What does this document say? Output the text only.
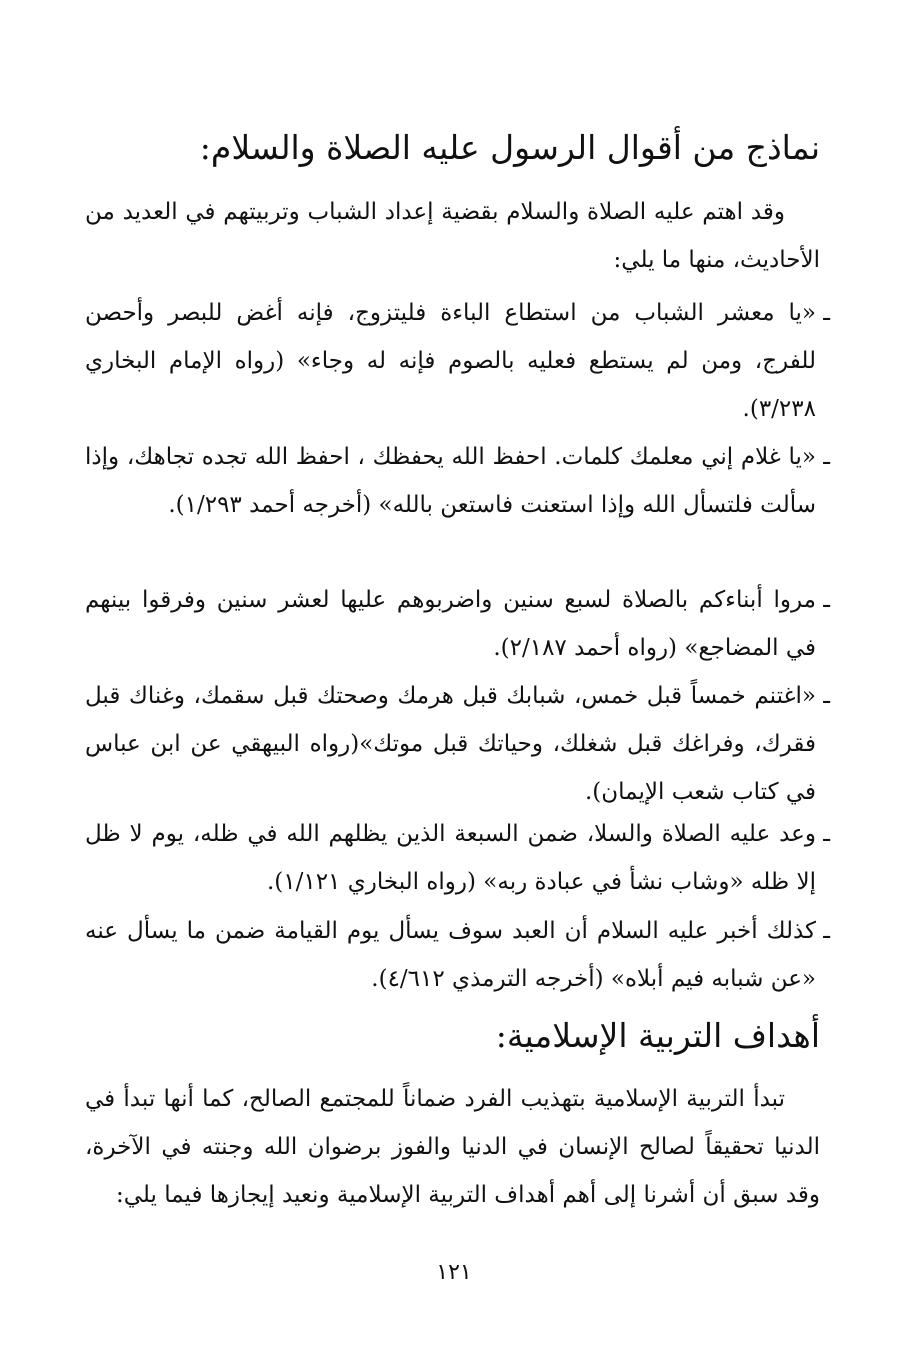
نماذج من أقوال الرسول عليه الصلاة والسلام:
وقد اهتم عليه الصلاة والسلام بقضية إعداد الشباب وتربيتهم في العديد من الأحاديث، منها ما يلي:
ـ
«يا معشر الشباب من استطاع الباءة فليتزوج، فإنه أغض للبصر وأحصن للفرج، ومن لم يستطع فعليه بالصوم فإنه له وجاء» (رواه الإمام البخاري ٣/٢٣٨).
ـ
«يا غلام إني معلمك كلمات. احفظ الله يحفظك ، احفظ الله تجده تجاهك، وإذا سألت فلتسأل الله وإذا استعنت فاستعن بالله» (أخرجه أحمد ١/٢٩٣).
ـ
مروا أبناءكم بالصلاة لسبع سنين واضربوهم عليها لعشر سنين وفرقوا بينهم في المضاجع» (رواه أحمد ٢/١٨٧).
ـ
«اغتنم خمساً قبل خمس، شبابك قبل هرمك وصحتك قبل سقمك، وغناك قبل فقرك، وفراغك قبل شغلك، وحياتك قبل موتك»(رواه البيهقي عن ابن عباس في كتاب شعب الإيمان).
ـ
وعد عليه الصلاة والسلا، ضمن السبعة الذين يظلهم الله في ظله، يوم لا ظل إلا ظله «وشاب نشأ في عبادة ربه» (رواه البخاري ١/١٢١).
ـ
كذلك أخبر عليه السلام أن العبد سوف يسأل يوم القيامة ضمن ما يسأل عنه «عن شبابه فيم أبلاه» (أخرجه الترمذي ٤/٦١٢).
أهداف التربية الإسلامية:
تبدأ التربية الإسلامية بتهذيب الفرد ضماناً للمجتمع الصالح، كما أنها تبدأ في الدنيا تحقيقاً لصالح الإنسان في الدنيا والفوز برضوان الله وجنته في الآخرة، وقد سبق أن أشرنا إلى أهم أهداف التربية الإسلامية ونعيد إيجازها فيما يلي:
١٢١
